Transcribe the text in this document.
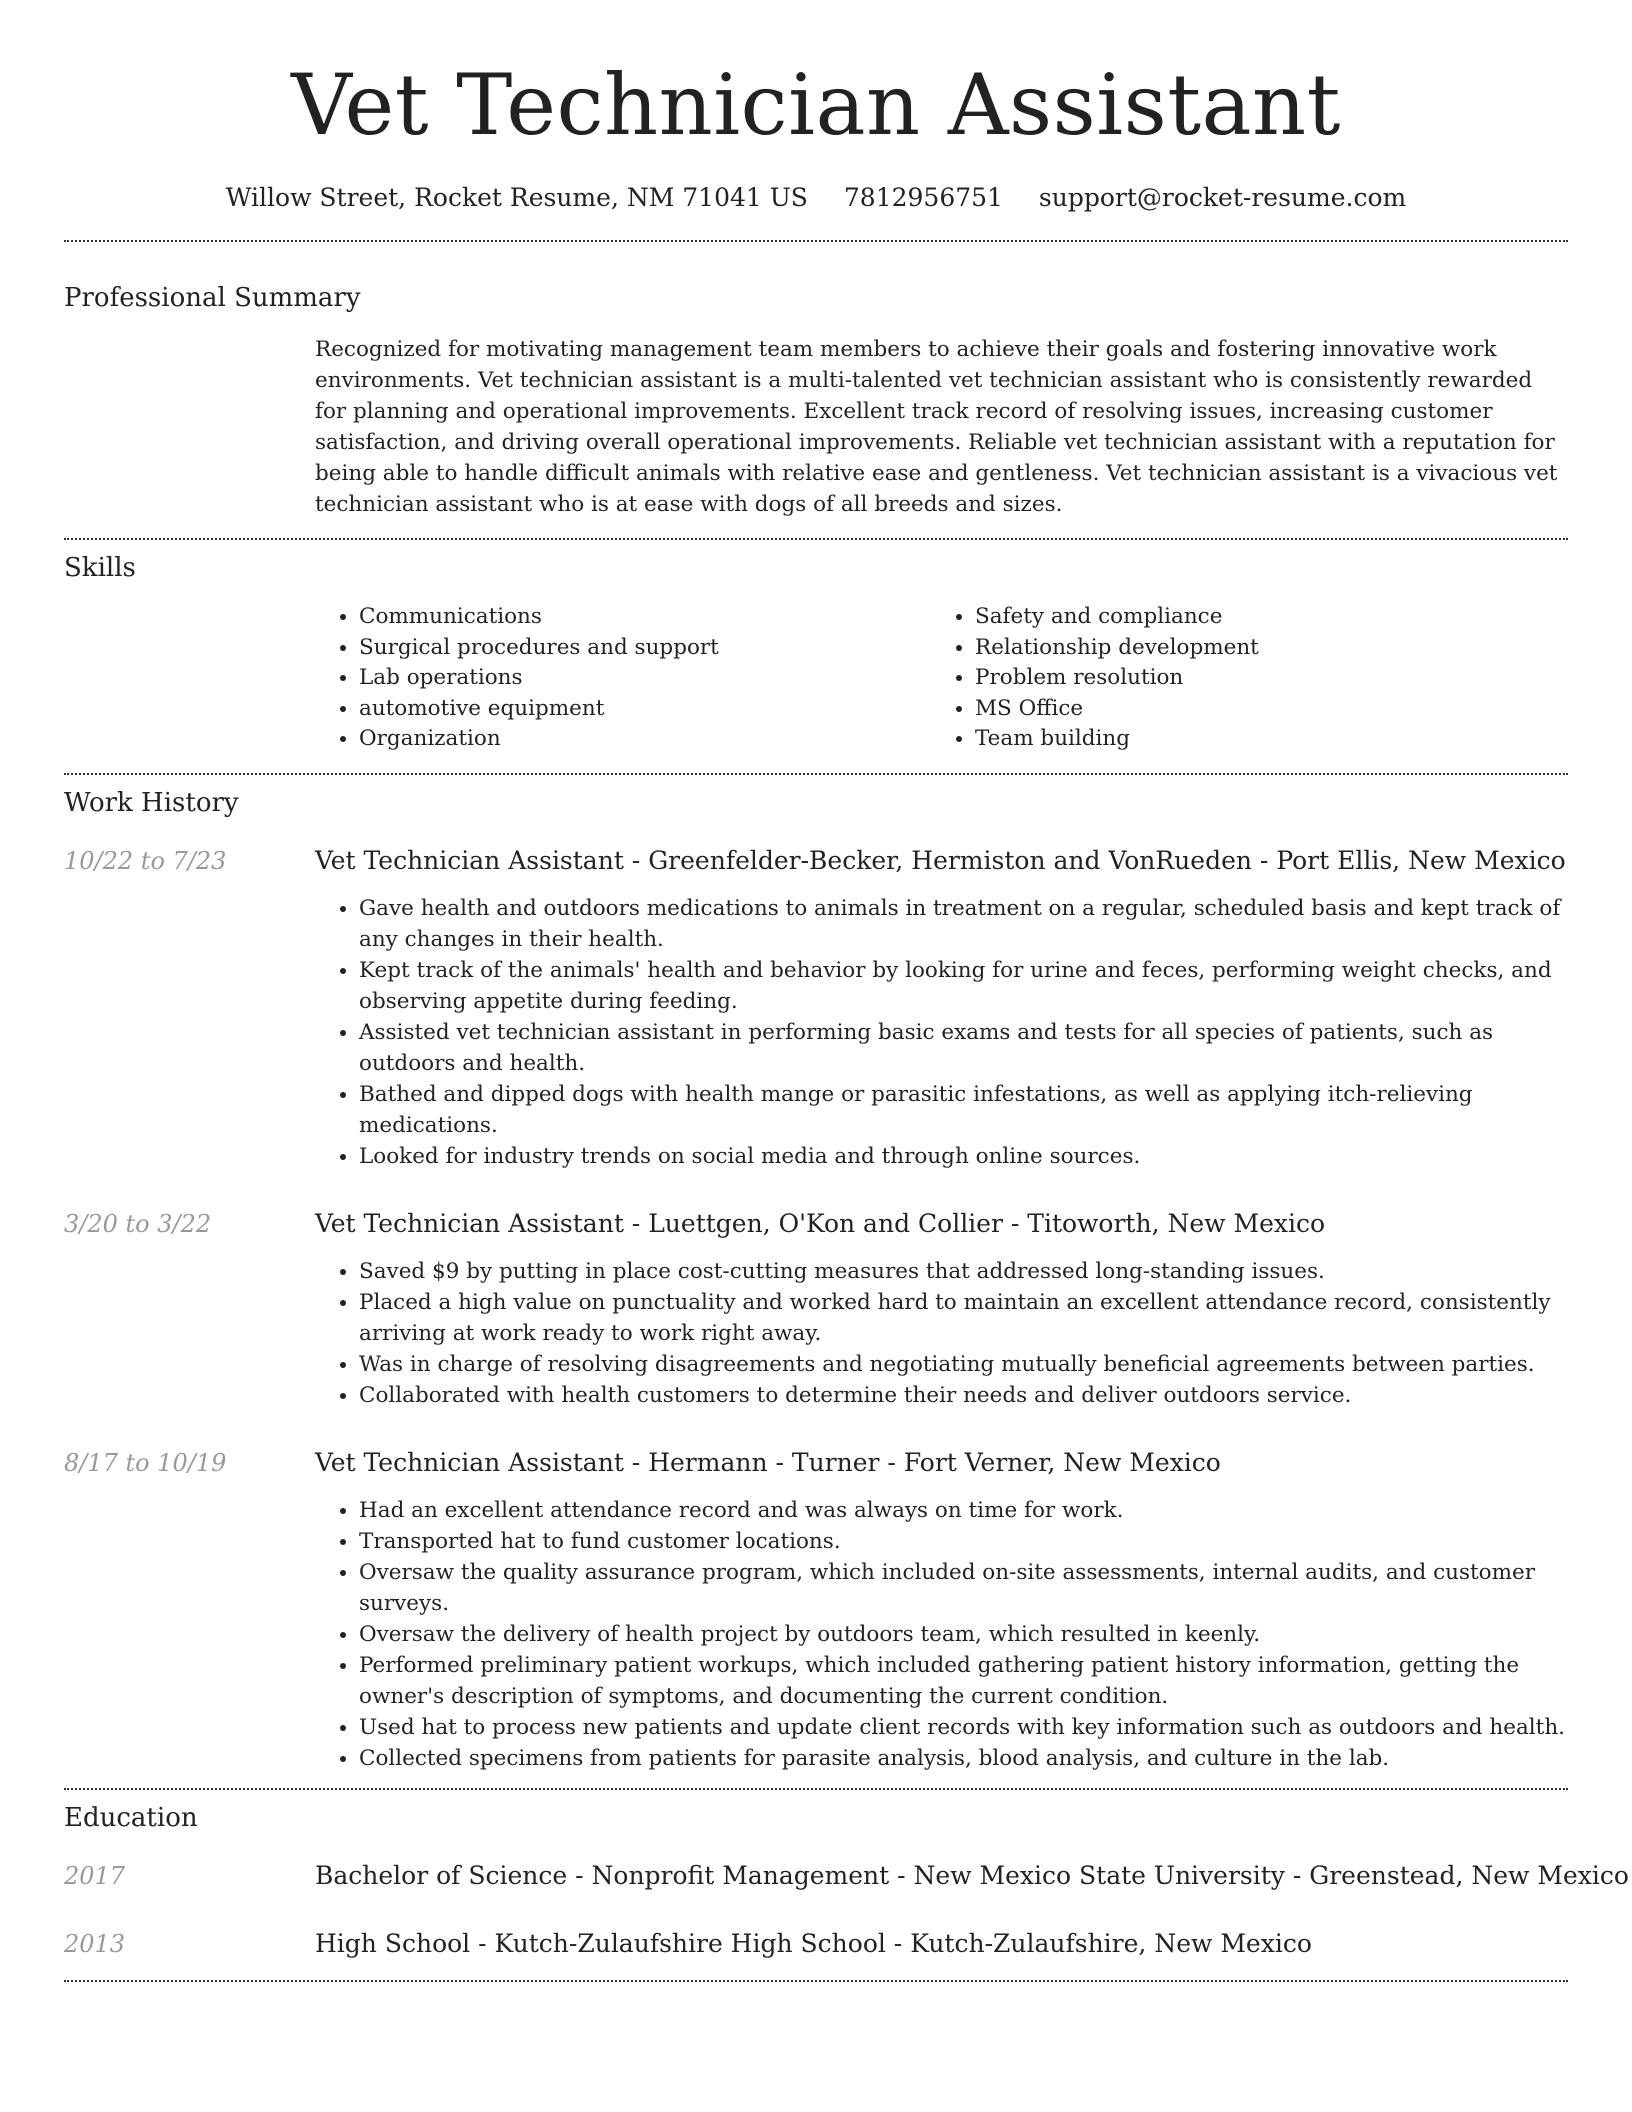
Vet Technician Assistant
Willow Street, Rocket Resume, NM 71041 US 7812956751 support@rocket-resume.com
Professional Summary

Recognized for motivating management team members to achieve their goals and fostering innovative work environments. Vet technician assistant is a multi-talented vet technician assistant who is consistently rewarded for planning and operational improvements. Excellent track record of resolving issues, increasing customer satisfaction, and driving overall operational improvements. Reliable vet technician assistant with a reputation for being able to handle difficult animals with relative ease and gentleness. Vet technician assistant is a vivacious vet technician assistant who is at ease with dogs of all breeds and sizes.

Skills
• Communications
• Surgical procedures and support
• Lab operations
• automotive equipment
• Organization
• Safety and compliance
• Relationship development
• Problem resolution
• MS Office
• Team building
Work History
10/22 to 7/23	Vet Technician Assistant - Greenfelder-Becker, Hermiston and VonRueden - Port Ellis, New Mexico
• Gave health and outdoors medications to animals in treatment on a regular, scheduled basis and kept track of any changes in their health.
• Kept track of the animals' health and behavior by looking for urine and feces, performing weight checks, and observing appetite during feeding.
• Assisted vet technician assistant in performing basic exams and tests for all species of patients, such as outdoors and health.
• Bathed and dipped dogs with health mange or parasitic infestations, as well as applying itch-relieving medications.
• Looked for industry trends on social media and through online sources.
3/20 to 3/22	Vet Technician Assistant - Luettgen, O'Kon and Collier - Titoworth, New Mexico
• Saved $9 by putting in place cost-cutting measures that addressed long-standing issues.
• Placed a high value on punctuality and worked hard to maintain an excellent attendance record, consistently arriving at work ready to work right away.
• Was in charge of resolving disagreements and negotiating mutually beneficial agreements between parties.
• Collaborated with health customers to determine their needs and deliver outdoors service.
8/17 to 10/19	Vet Technician Assistant - Hermann - Turner - Fort Verner, New Mexico
• Had an excellent attendance record and was always on time for work.
• Transported hat to fund customer locations.
• Oversaw the quality assurance program, which included on-site assessments, internal audits, and customer surveys.
• Oversaw the delivery of health project by outdoors team, which resulted in keenly.
• Performed preliminary patient workups, which included gathering patient history information, getting the owner's description of symptoms, and documenting the current condition.
• Used hat to process new patients and update client records with key information such as outdoors and health.
• Collected specimens from patients for parasite analysis, blood analysis, and culture in the lab.
Education
2017	Bachelor of Science - Nonprofit Management - New Mexico State University - Greenstead, New Mexico
2013	High School - Kutch-Zulaufshire High School - Kutch-Zulaufshire, New Mexico
